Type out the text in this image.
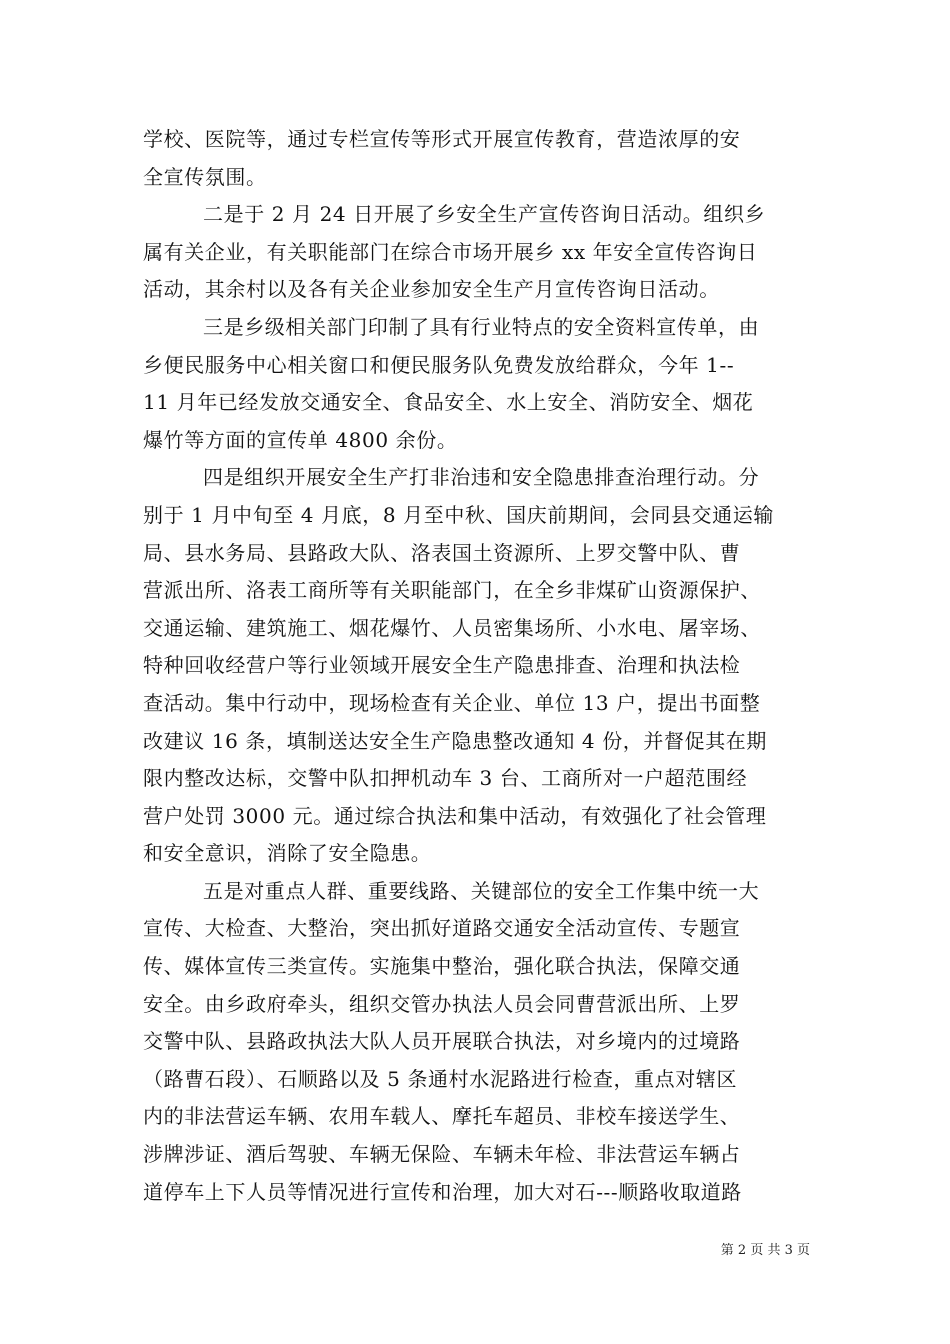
学校、医院等，通过专栏宣传等形式开展宣传教育，营造浓厚的安
全宣传氛围。
二是于 2 月 24 日开展了乡安全生产宣传咨询日活动。组织乡
属有关企业，有关职能部门在综合市场开展乡 xx 年安全宣传咨询日
活动，其余村以及各有关企业参加安全生产月宣传咨询日活动。
三是乡级相关部门印制了具有行业特点的安全资料宣传单，由
乡便民服务中心相关窗口和便民服务队免费发放给群众，今年 1--
11 月年已经发放交通安全、食品安全、水上安全、消防安全、烟花
爆竹等方面的宣传单 4800 余份。
四是组织开展安全生产打非治违和安全隐患排查治理行动。分
别于 1 月中旬至 4 月底，8 月至中秋、国庆前期间，会同县交通运输
局、县水务局、县路政大队、洛表国土资源所、上罗交警中队、曹
营派出所、洛表工商所等有关职能部门，在全乡非煤矿山资源保护、
交通运输、建筑施工、烟花爆竹、人员密集场所、小水电、屠宰场、
特种回收经营户等行业领域开展安全生产隐患排查、治理和执法检
查活动。集中行动中，现场检查有关企业、单位 13 户，提出书面整
改建议 16 条，填制送达安全生产隐患整改通知 4 份，并督促其在期
限内整改达标，交警中队扣押机动车 3 台、工商所对一户超范围经
营户处罚 3000 元。通过综合执法和集中活动，有效强化了社会管理
和安全意识，消除了安全隐患。
五是对重点人群、重要线路、关键部位的安全工作集中统一大
宣传、大检查、大整治，突出抓好道路交通安全活动宣传、专题宣
传、媒体宣传三类宣传。实施集中整治，强化联合执法，保障交通
安全。由乡政府牵头，组织交管办执法人员会同曹营派出所、上罗
交警中队、县路政执法大队人员开展联合执法，对乡境内的过境路
（路曹石段）、石顺路以及 5 条通村水泥路进行检查，重点对辖区
内的非法营运车辆、农用车载人、摩托车超员、非校车接送学生、
涉牌涉证、酒后驾驶、车辆无保险、车辆未年检、非法营运车辆占
道停车上下人员等情况进行宣传和治理，加大对石---顺路收取道路
第 2 页 共 3 页
